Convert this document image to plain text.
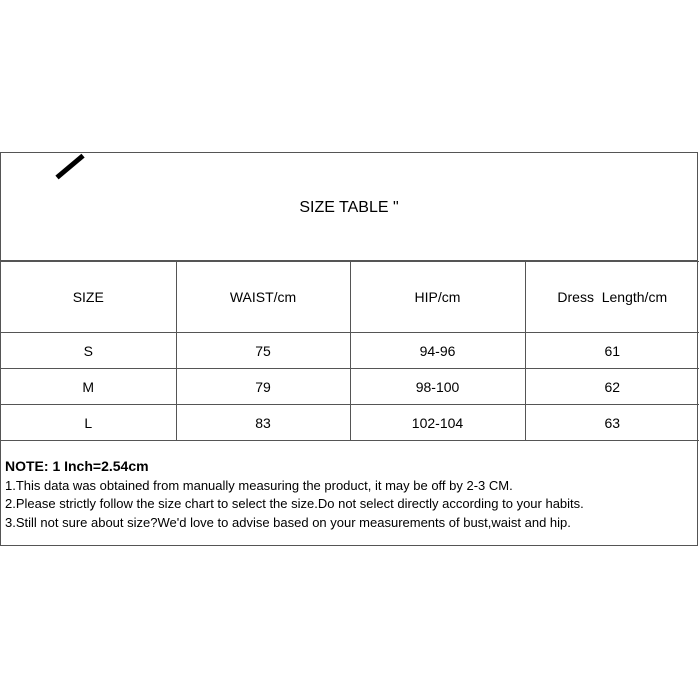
SIZE TABLE "
SIZE	WAIST/cm	HIP/cm	Dress  Length/cm
S	75	94-96	61
M	79	98-100	62
L	83	102-104	63
NOTE: 1 Inch=2.54cm
1.This data was obtained from manually measuring the product, it may be off by 2-3 CM.
2.Please strictly follow the size chart to select the size.Do not select directly according to your habits.
3.Still not sure about size?We'd love to advise based on your measurements of bust,waist and hip.
